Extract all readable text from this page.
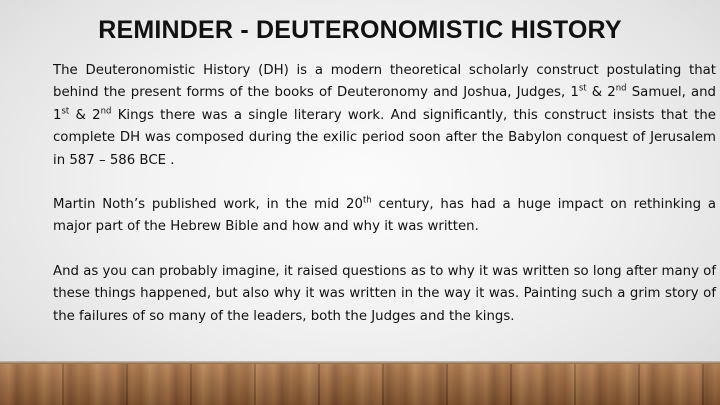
REMINDER - DEUTERONOMISTIC HISTORY

The Deuteronomistic History (DH) is a modern theoretical scholarly construct postulating that behind the present forms of the books of Deuteronomy and Joshua, Judges, 1st & 2nd Samuel, and 1st & 2nd Kings there was a single literary work. And significantly, this construct insists that the complete DH was composed during the exilic period soon after the Babylon conquest of Jerusalem in 587 – 586 BCE .

Martin Noth’s published work, in the mid 20th century, has had a huge impact on rethinking a major part of the Hebrew Bible and how and why it was written.

And as you can probably imagine, it raised questions as to why it was written so long after many of these things happened, but also why it was written in the way it was. Painting such a grim story of the failures of so many of the leaders, both the Judges and the kings.
